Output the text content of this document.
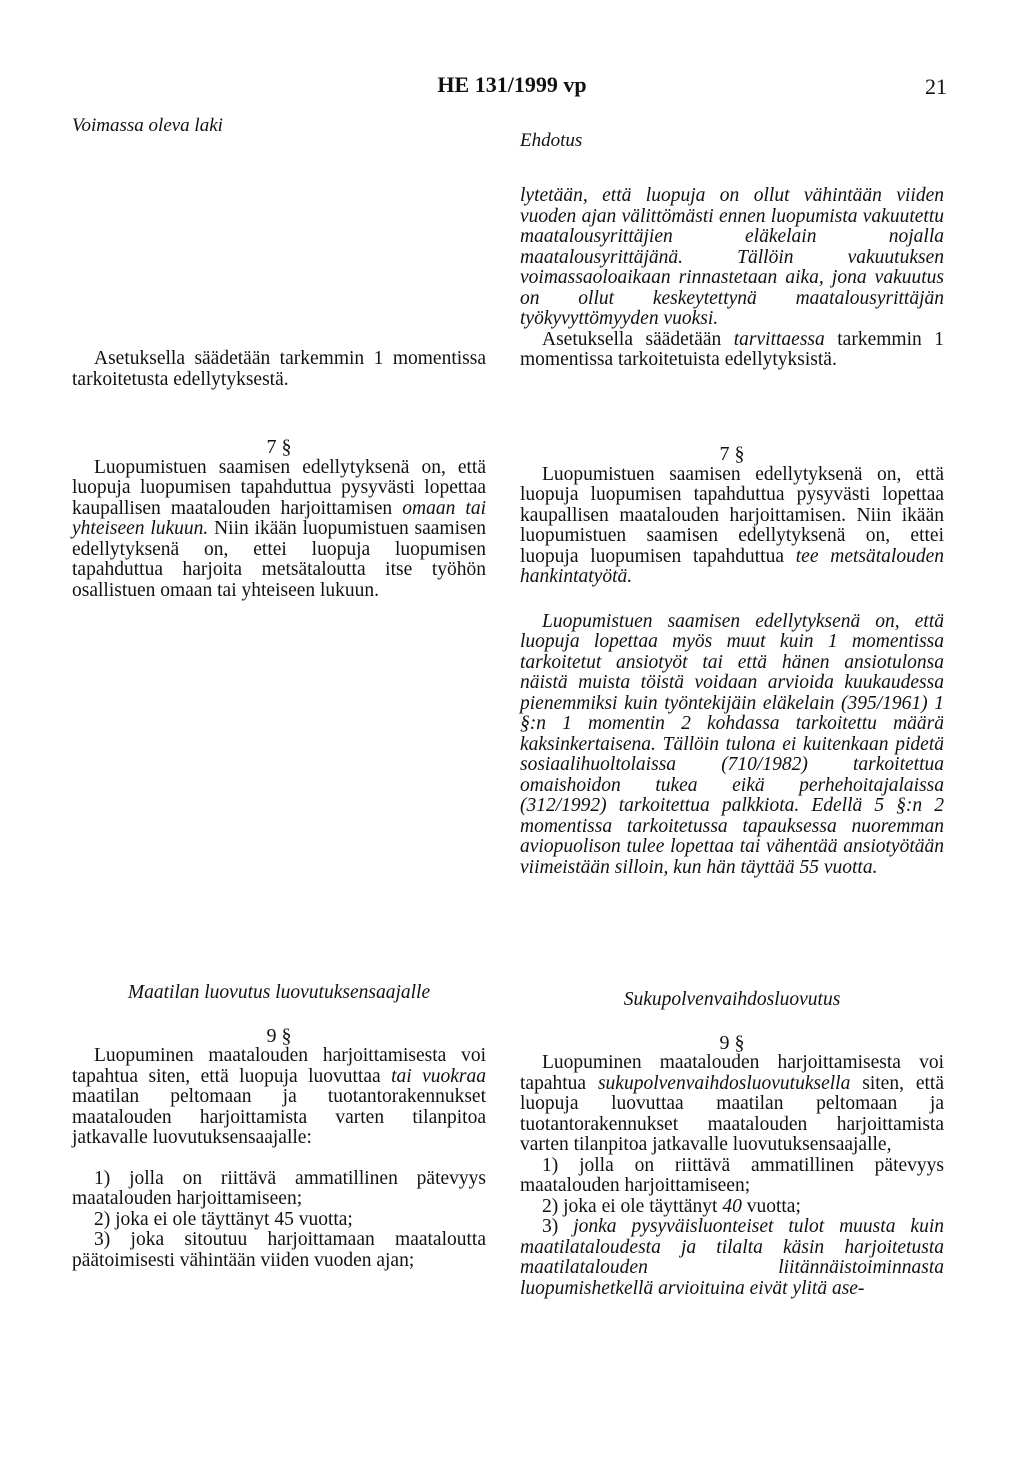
HE 131/1999 vp	21
Voimassa oleva laki
Ehdotus

Asetuksella säädetään tarkemmin 1 momentissa tarkoitetusta edellytyksestä.

7 §

Luopumistuen saamisen edellytyksenä on, että luopuja luopumisen tapahduttua pysyvästi lopettaa kaupallisen maatalouden harjoittamisen omaan tai yhteiseen lukuun. Niin ikään luopumistuen saamisen edellytyksenä on, ettei luopuja luopumisen tapahduttua harjoita metsätaloutta itse työhön osallistuen omaan tai yhteiseen lukuun.

Maatilan luovutus luovutuksensaajalle

9 §

Luopuminen maatalouden harjoittamisesta voi tapahtua siten, että luopuja luovuttaa tai vuokraa maatilan peltomaan ja tuotantorakennukset maatalouden harjoittamista varten tilanpitoa jatkavalle luovutuksensaajalle:

1) jolla on riittävä ammatillinen pätevyys maatalouden harjoittamiseen;

2) joka ei ole täyttänyt 45 vuotta;

3) joka sitoutuu harjoittamaan maataloutta päätoimisesti vähintään viiden vuoden ajan;

lytetään, että luopuja on ollut vähintään viiden vuoden ajan välittömästi ennen luopumista vakuutettu maatalousyrittäjien eläkelain nojalla maatalousyrittäjänä. Tällöin vakuutuksen voimassaoloaikaan rinnastetaan aika, jona vakuutus on ollut keskeytettynä maatalousyrittäjän työkyvyttömyyden vuoksi.

Asetuksella säädetään tarvittaessa tarkemmin 1 momentissa tarkoitetuista edellytyksistä.

7 §

Luopumistuen saamisen edellytyksenä on, että luopuja luopumisen tapahduttua pysyvästi lopettaa kaupallisen maatalouden harjoittamisen. Niin ikään luopumistuen saamisen edellytyksenä on, ettei luopuja luopumisen tapahduttua tee metsätalouden hankintatyötä.

Luopumistuen saamisen edellytyksenä on, että luopuja lopettaa myös muut kuin 1 momentissa tarkoitetut ansiotyöt tai että hänen ansiotulonsa näistä muista töistä voidaan arvioida kuukaudessa pienemmiksi kuin työntekijäin eläkelain (395/1961) 1 §:n 1 momentin 2 kohdassa tarkoitettu määrä kaksinkertaisena. Tällöin tulona ei kuitenkaan pidetä sosiaalihuoltolaissa (710/1982) tarkoitettua omaishoidon tukea eikä perhehoitajalaissa (312/1992) tarkoitettua palkkiota. Edellä 5 §:n 2 momentissa tarkoitetussa tapauksessa nuoremman aviopuolison tulee lopettaa tai vähentää ansiotyötään viimeistään silloin, kun hän täyttää 55 vuotta.

Sukupolvenvaihdosluovutus

9 §

Luopuminen maatalouden harjoittamisesta voi tapahtua sukupolvenvaihdosluovutuksella siten, että luopuja luovuttaa maatilan peltomaan ja tuotantorakennukset maatalouden harjoittamista varten tilanpitoa jatkavalle luovutuksensaajalle,

1) jolla on riittävä ammatillinen pätevyys maatalouden harjoittamiseen;

2) joka ei ole täyttänyt 40 vuotta;

3) jonka pysyväisluonteiset tulot muusta kuin maatilataloudesta ja tilalta käsin harjoitetusta maatilatalouden liitännäistoiminnasta luopumishetkellä arvioituina eivät ylitä ase-
